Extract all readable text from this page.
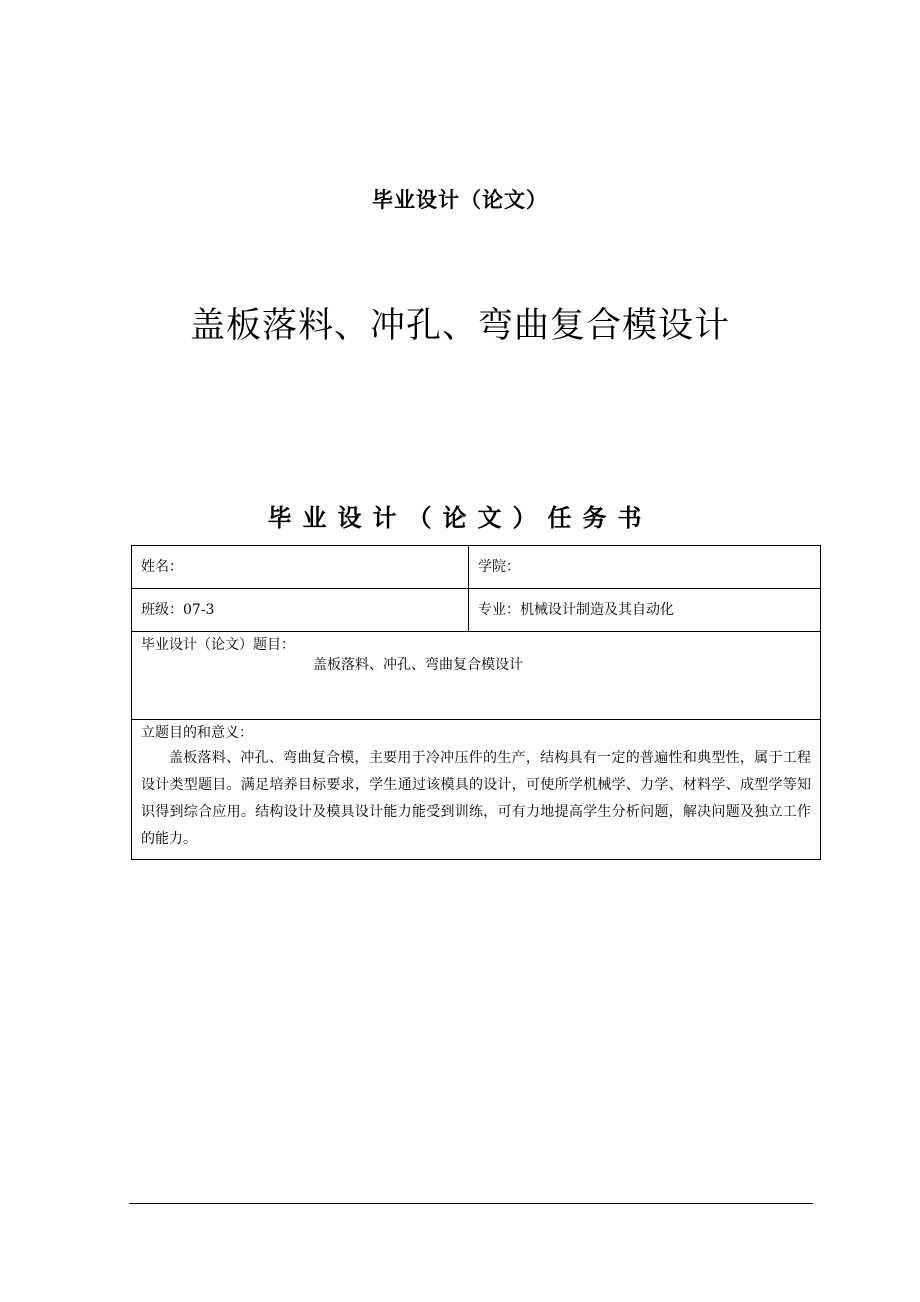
毕业设计（论文）
盖板落料、冲孔、弯曲复合模设计
毕业设计（论文）任务书
姓名：	学院：
班级：07-3	专业：机械设计制造及其自动化
毕业设计（论文）题目：
盖板落料、冲孔、弯曲复合模设计	

立题目的和意义：
盖板落料、冲孔、弯曲复合模，主要用于冷冲压件的生产，结构具有一定的普遍性和典型性，属于工程设计类型题目。满足培养目标要求，学生通过该模具的设计，可使所学机械学、力学、材料学、成型学等知识得到综合应用。结构设计及模具设计能力能受到训练，可有力地提高学生分析问题，解决问题及独立工作的能力。	
